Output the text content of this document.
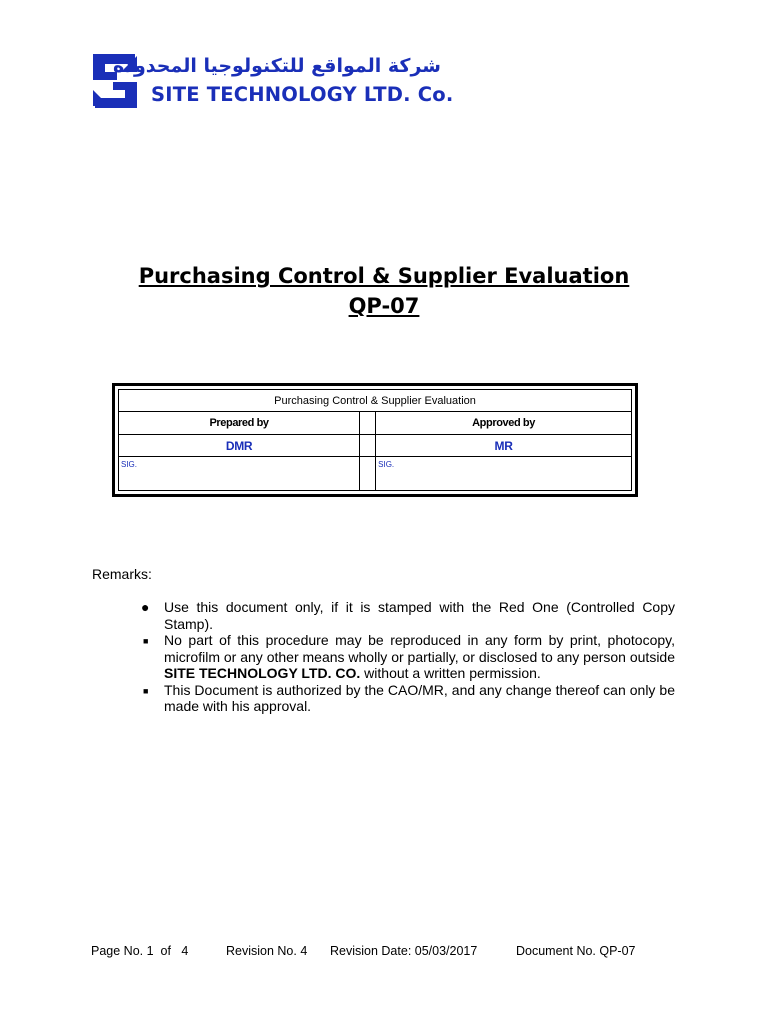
شركة المواقع للتكنولوجيا المحدودة
SITE TECHNOLOGY LTD. Co.
Purchasing Control & Supplier Evaluation
QP-07
Purchasing Control & Supplier Evaluation		
Prepared by		Approved by
DMR		MR
SIG.		SIG.
Remarks:
● Use this document only, if it is stamped with the Red One (Controlled Copy Stamp).
■ No part of this procedure may be reproduced in any form by print, photocopy, microfilm or any other means wholly or partially, or disclosed to any person outside SITE TECHNOLOGY LTD. CO. without a written permission.
■ This Document is authorized by the CAO/MR, and any change thereof can only be made with his approval.
Page No. 1  of   4	Revision No. 4 Revision Date: 05/03/2017	Document No. QP-07
